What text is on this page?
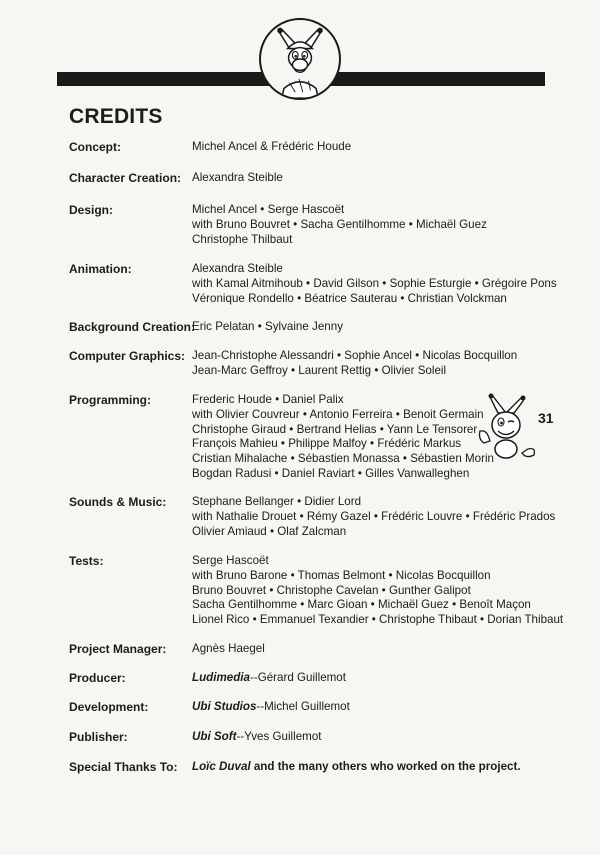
CREDITS
Concept:	Michel Ancel & Frédéric Houde
Character Creation: Alexandra Steible
Design:	Michel Ancel • Serge Hascoët
with Bruno Bouvret • Sacha Gentilhomme • Michaël Guez
Christophe Thilbaut
Animation:	Alexandra Steible
with Kamal Aitmihoub • David Gilson • Sophie Esturgie • Grégoire Pons
Véronique Rondello • Béatrice Sauterau • Christian Volckman
Background Creation:
Eric Pelatan • Sylvaine Jenny
Computer Graphics: Jean-Christophe Alessandri • Sophie Ancel • Nicolas Bocquillon
Jean-Marc Geffroy • Laurent Rettig • Olivier Soleil
Programming:	Frederic Houde • Daniel Palix
with Olivier Couvreur • Antonio Ferreira • Benoit Germain
Christophe Giraud • Bertrand Helias • Yann Le Tensorer
François Mahieu • Philippe Malfoy • Frédéric Markus
Cristian Mihalache • Sébastien Monassa • Sébastien Morin
Bogdan Radusi • Daniel Raviart • Gilles Vanwalleghen
Sounds & Music: Stephane Bellanger • Didier Lord
with Nathalie Drouet • Rémy Gazel • Frédéric Louvre • Frédéric Prados
Olivier Amiaud • Olaf Zalcman
Tests:	Serge Hascoët
with Bruno Barone • Thomas Belmont • Nicolas Bocquillon
Bruno Bouvret • Christophe Cavelan • Gunther Galipot
Sacha Gentilhomme • Marc Gioan • Michaël Guez • Benoît Maçon
Lionel Rico • Emmanuel Texandier • Christophe Thibaut • Dorian Thibaut
Project Manager: Agnès Haegel
Producer:	Ludimedia--Gérard Guillemot
Development:	Ubi Studios--Michel Guillemot
Publisher:	Ubi Soft--Yves Guillemot
Special Thanks To: Loïc Duval and the many others who worked on the project.
31
